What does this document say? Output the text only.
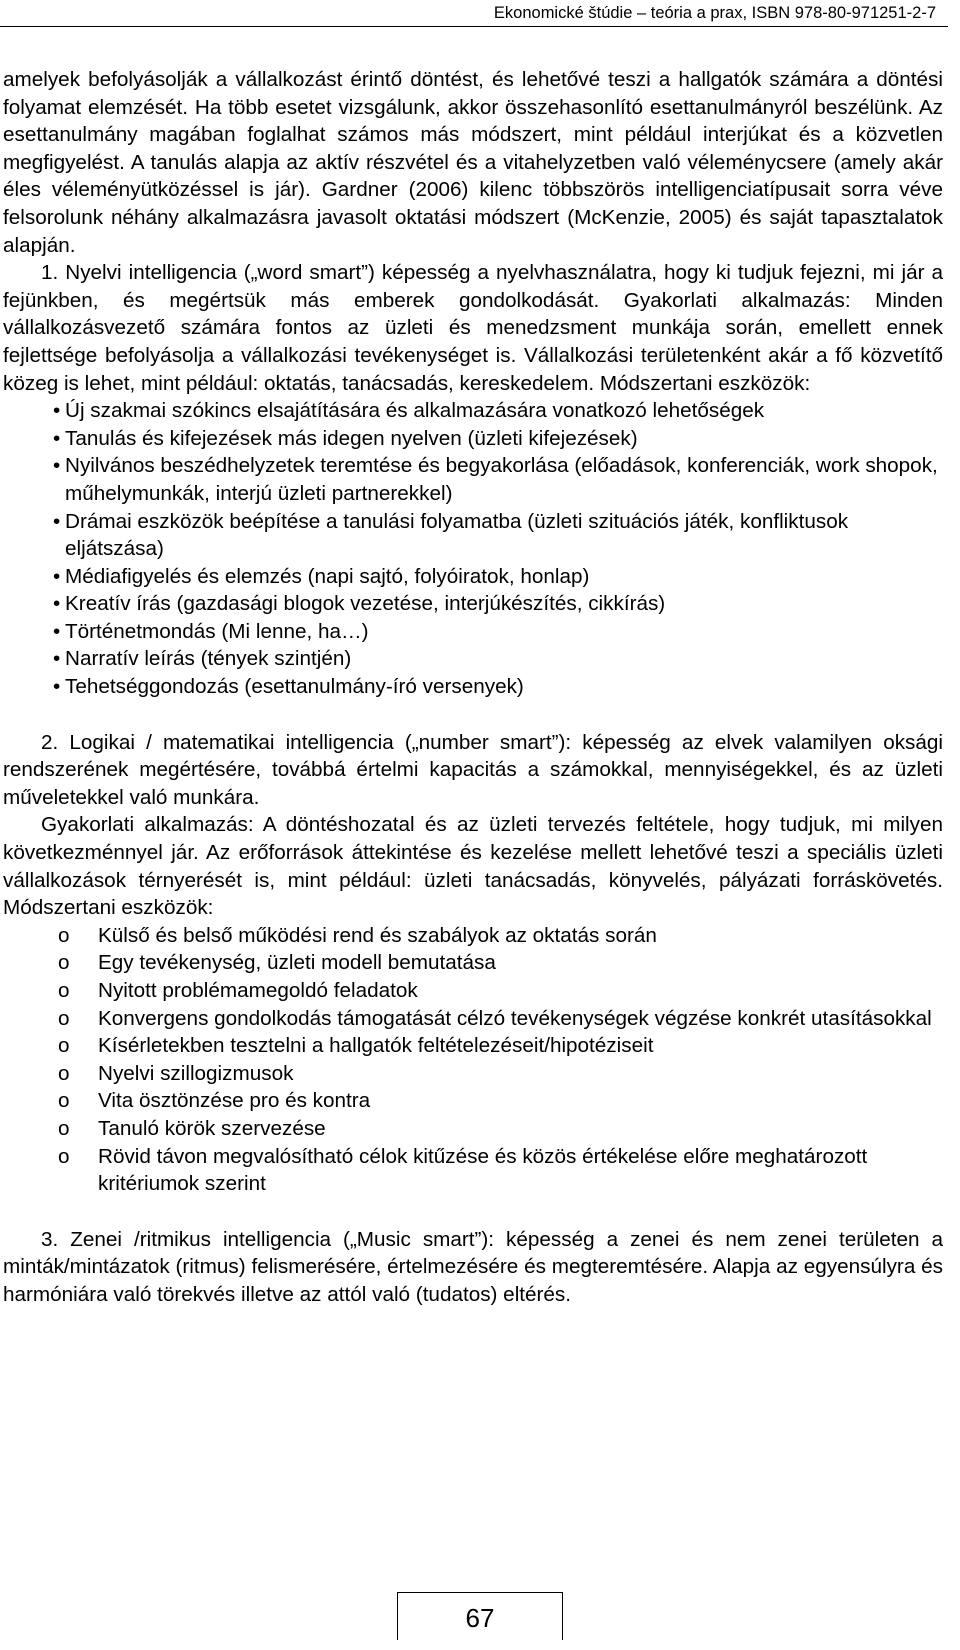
Ekonomické štúdie – teória a prax, ISBN 978-80-971251-2-7

amelyek befolyásolják a vállalkozást érintő döntést, és lehetővé teszi a hallgatók számára a döntési folyamat elemzését. Ha több esetet vizsgálunk, akkor összehasonlító esettanulmányról beszélünk. Az esettanulmány magában foglalhat számos más módszert, mint például interjúkat és a közvetlen megfigyelést. A tanulás alapja az aktív részvétel és a vitahelyzetben való véleménycsere (amely akár éles véleményütközéssel is jár). Gardner (2006) kilenc többszörös intelligenciatípusait sorra véve felsorolunk néhány alkalmazásra javasolt oktatási módszert (McKenzie, 2005) és saját tapasztalatok alapján.

1. Nyelvi intelligencia („word smart”) képesség a nyelvhasználatra, hogy ki tudjuk fejezni, mi jár a fejünkben, és megértsük más emberek gondolkodását. Gyakorlati alkalmazás: Minden vállalkozásvezető számára fontos az üzleti és menedzsment munkája során, emellett ennek fejlettsége befolyásolja a vállalkozási tevékenységet is. Vállalkozási területenként akár a fő közvetítő közeg is lehet, mint például: oktatás, tanácsadás, kereskedelem. Módszertani eszközök:

• Új szakmai szókincs elsajátítására és alkalmazására vonatkozó lehetőségek
• Tanulás és kifejezések más idegen nyelven (üzleti kifejezések)
• Nyilvános beszédhelyzetek teremtése és begyakorlása (előadások, konferenciák, work shopok, műhelymunkák, interjú üzleti partnerekkel)
• Drámai eszközök beépítése a tanulási folyamatba (üzleti szituációs játék, konfliktusok eljátszása)
• Médiafigyelés és elemzés (napi sajtó, folyóiratok, honlap)
• Kreatív írás (gazdasági blogok vezetése, interjúkészítés, cikkírás)
• Történetmondás (Mi lenne, ha…)
• Narratív leírás (tények szintjén)
• Tehetséggondozás (esettanulmány-író versenyek)

2. Logikai / matematikai intelligencia („number smart”): képesség az elvek valamilyen oksági rendszerének megértésére, továbbá értelmi kapacitás a számokkal, mennyiségekkel, és az üzleti műveletekkel való munkára.

Gyakorlati alkalmazás: A döntéshozatal és az üzleti tervezés feltétele, hogy tudjuk, mi milyen következménnyel jár. Az erőforrások áttekintése és kezelése mellett lehetővé teszi a speciális üzleti vállalkozások térnyerését is, mint például: üzleti tanácsadás, könyvelés, pályázati forráskövetés. Módszertani eszközök:

o Külső és belső működési rend és szabályok az oktatás során
o Egy tevékenység, üzleti modell bemutatása
o Nyitott problémamegoldó feladatok
o Konvergens gondolkodás támogatását célzó tevékenységek végzése konkrét utasításokkal
o Kísérletekben tesztelni a hallgatók feltételezéseit/hipotéziseit
o Nyelvi szillogizmusok
o Vita ösztönzése pro és kontra
o Tanuló körök szervezése
o Rövid távon megvalósítható célok kitűzése és közös értékelése előre meghatározott kritériumok szerint

3. Zenei /ritmikus intelligencia („Music smart”): képesség a zenei és nem zenei területen a minták/mintázatok (ritmus) felismerésére, értelmezésére és megteremtésére. Alapja az egyensúlyra és harmóniára való törekvés illetve az attól való (tudatos) eltérés.

67
